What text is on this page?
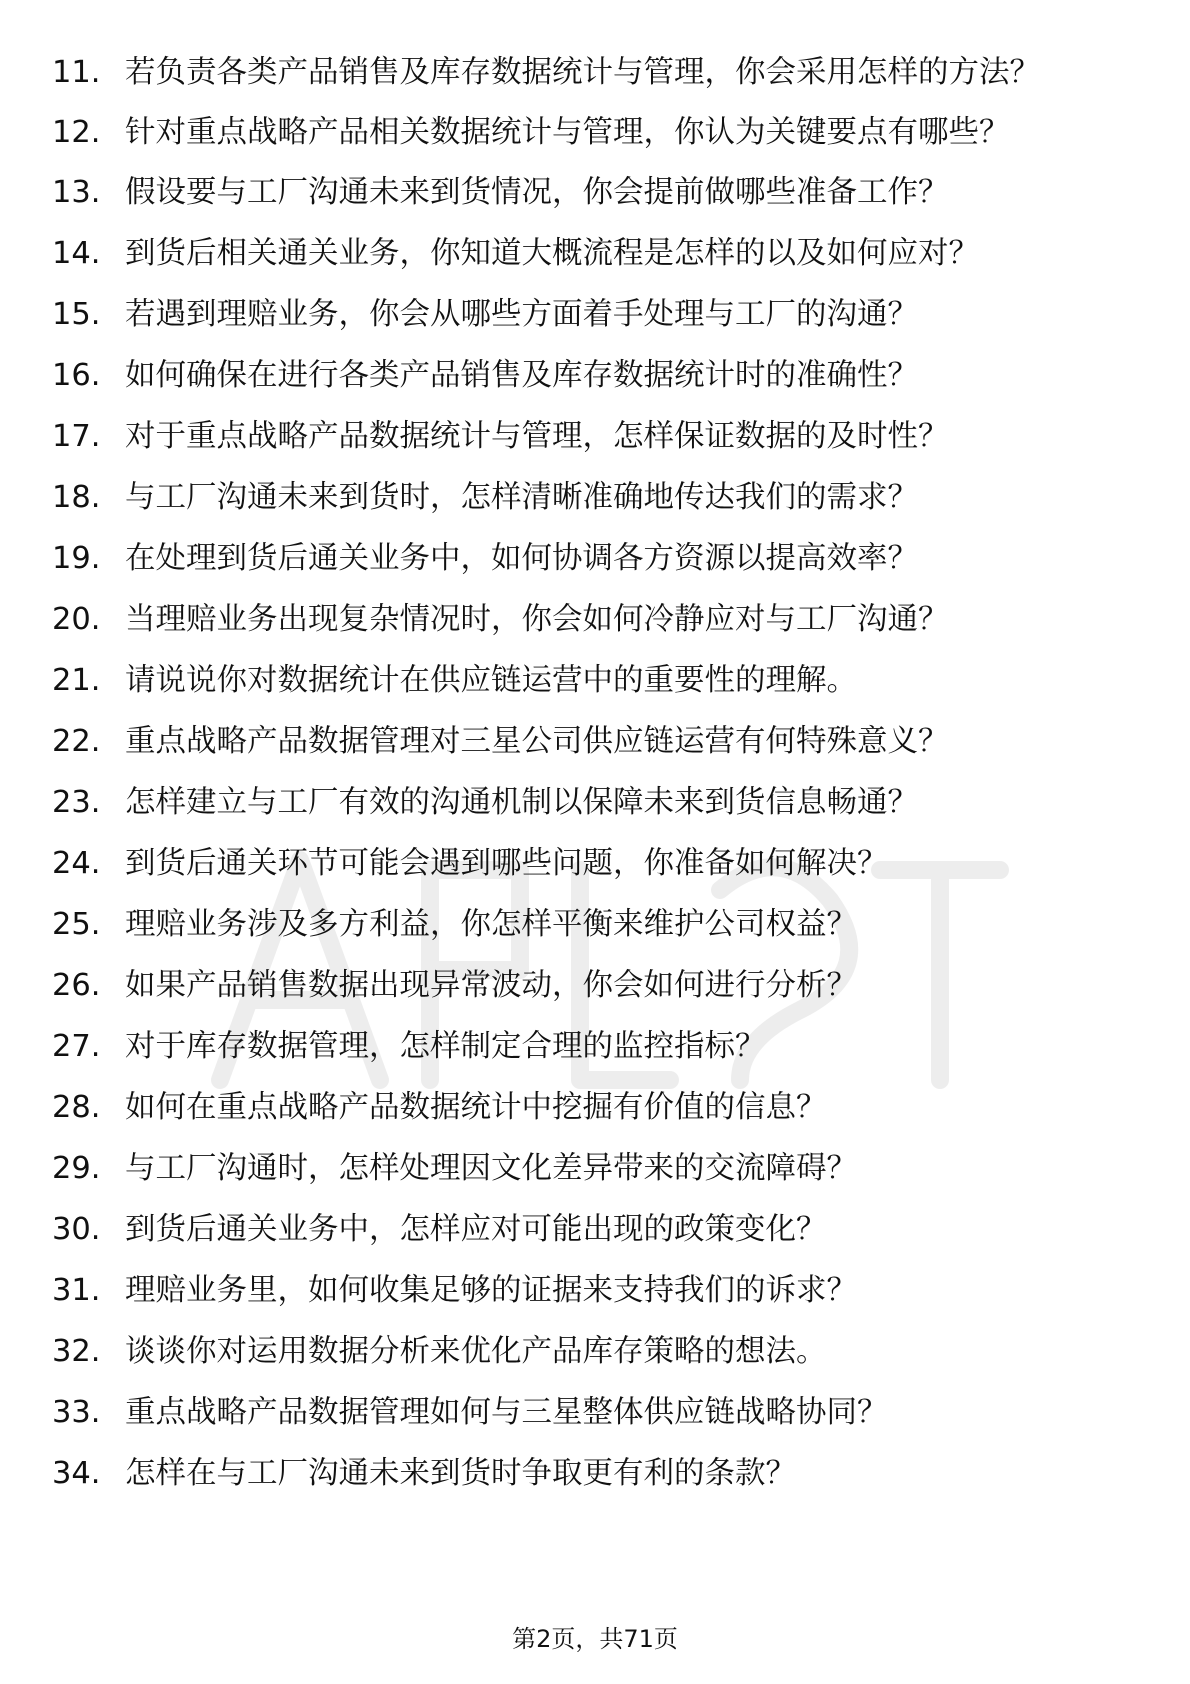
11. 若负责各类产品销售及库存数据统计与管理，你会采用怎样的方法？
12. 针对重点战略产品相关数据统计与管理，你认为关键要点有哪些？
13. 假设要与工厂沟通未来到货情况，你会提前做哪些准备工作？
14. 到货后相关通关业务，你知道大概流程是怎样的以及如何应对？
15. 若遇到理赔业务，你会从哪些方面着手处理与工厂的沟通？
16. 如何确保在进行各类产品销售及库存数据统计时的准确性？
17. 对于重点战略产品数据统计与管理，怎样保证数据的及时性？
18. 与工厂沟通未来到货时，怎样清晰准确地传达我们的需求？
19. 在处理到货后通关业务中，如何协调各方资源以提高效率？
20. 当理赔业务出现复杂情况时，你会如何冷静应对与工厂沟通？
21. 请说说你对数据统计在供应链运营中的重要性的理解。
22. 重点战略产品数据管理对三星公司供应链运营有何特殊意义？
23. 怎样建立与工厂有效的沟通机制以保障未来到货信息畅通？
24. 到货后通关环节可能会遇到哪些问题，你准备如何解决？
25. 理赔业务涉及多方利益，你怎样平衡来维护公司权益？
26. 如果产品销售数据出现异常波动，你会如何进行分析？
27. 对于库存数据管理，怎样制定合理的监控指标？
28. 如何在重点战略产品数据统计中挖掘有价值的信息？
29. 与工厂沟通时，怎样处理因文化差异带来的交流障碍？
30. 到货后通关业务中，怎样应对可能出现的政策变化？
31. 理赔业务里，如何收集足够的证据来支持我们的诉求？
32. 谈谈你对运用数据分析来优化产品库存策略的想法。
33. 重点战略产品数据管理如何与三星整体供应链战略协同？
34. 怎样在与工厂沟通未来到货时争取更有利的条款？
第2页，共71页
